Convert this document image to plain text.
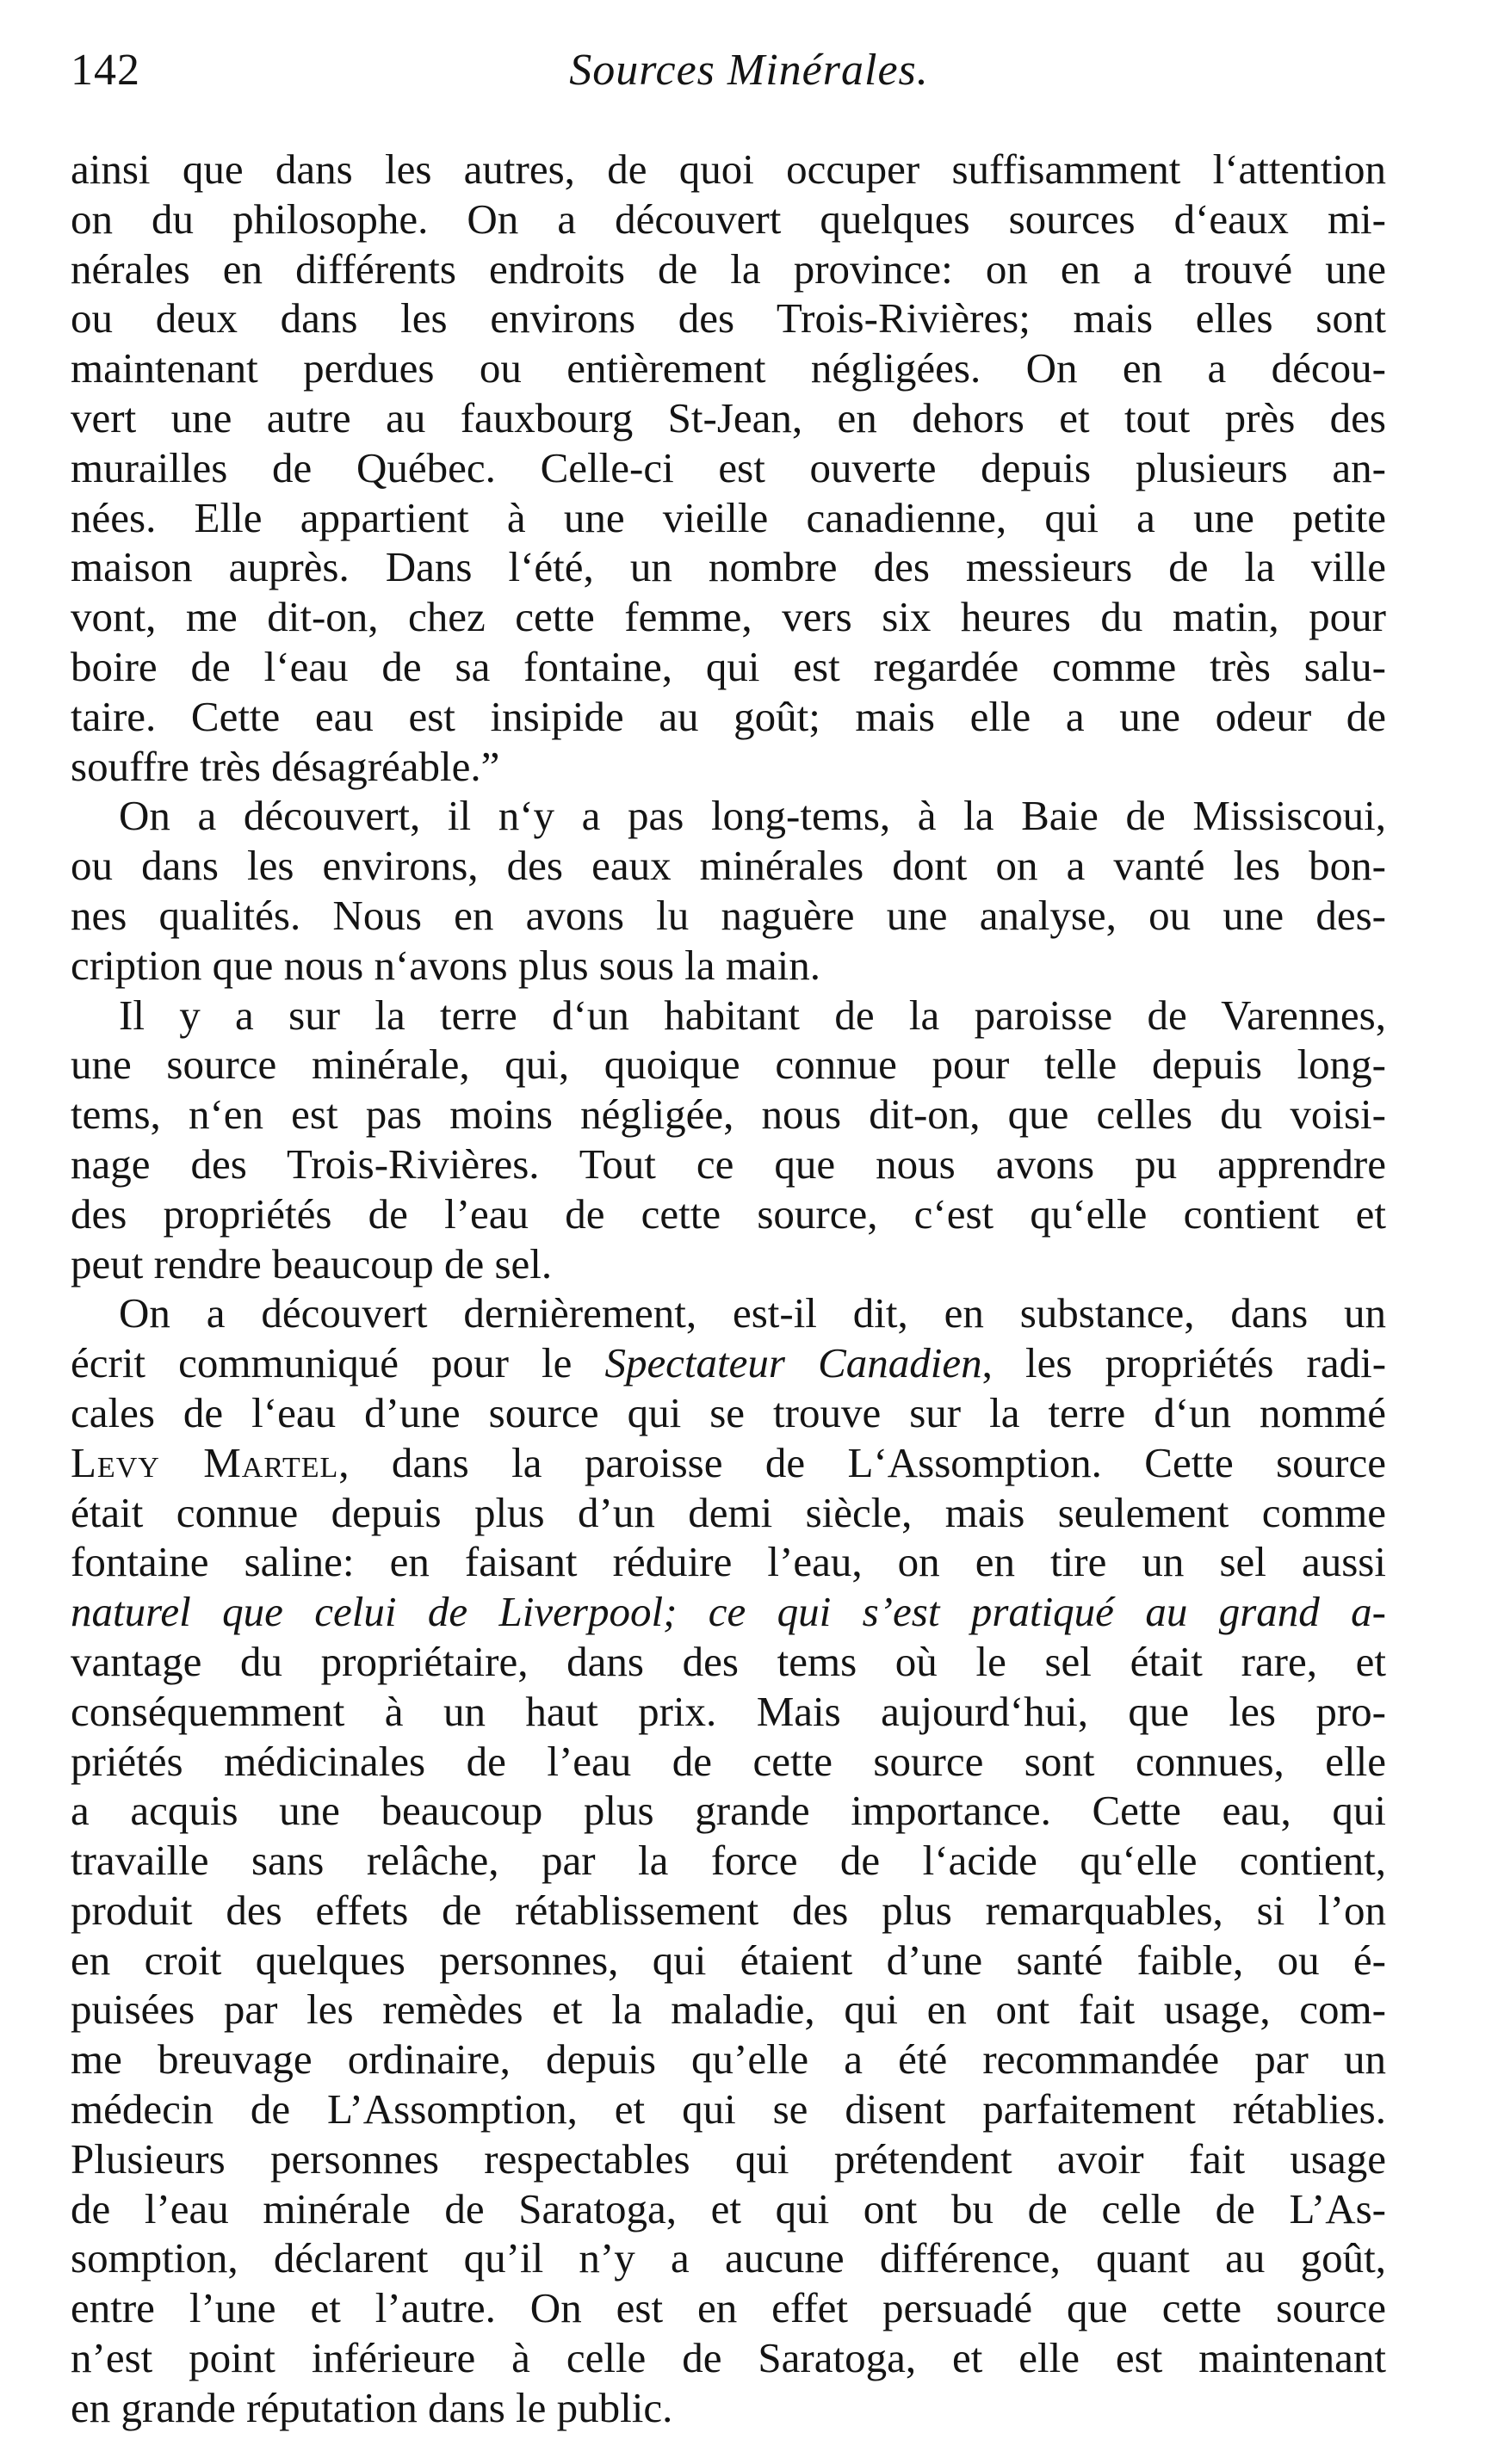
142	Sources Minérales.
ainsi que dans les autres, de quoi occuper suffisamment l‘attention
on du philosophe. On a découvert quelques sources d‘eaux mi-
nérales en différents endroits de la province: on en a trouvé une
ou deux dans les environs des Trois-Rivières; mais elles sont
maintenant perdues ou entièrement négligées. On en a décou-
vert une autre au fauxbourg St-Jean, en dehors et tout près des
murailles de Québec. Celle-ci est ouverte depuis plusieurs an-
nées. Elle appartient à une vieille canadienne, qui a une petite
maison auprès. Dans l‘été, un nombre des messieurs de la ville
vont, me dit-on, chez cette femme, vers six heures du matin, pour
boire de l‘eau de sa fontaine, qui est regardée comme très salu-
taire. Cette eau est insipide au goût; mais elle a une odeur de
souffre très désagréable.”
On a découvert, il n‘y a pas long-tems, à la Baie de Missiscoui,
ou dans les environs, des eaux minérales dont on a vanté les bon-
nes qualités. Nous en avons lu naguère une analyse, ou une des-
cription que nous n‘avons plus sous la main.
Il y a sur la terre d‘un habitant de la paroisse de Varennes,
une source minérale, qui, quoique connue pour telle depuis long-
tems, n‘en est pas moins négligée, nous dit-on, que celles du voisi-
nage des Trois-Rivières. Tout ce que nous avons pu apprendre
des propriétés de l’eau de cette source, c‘est qu‘elle contient et
peut rendre beaucoup de sel.
On a découvert dernièrement, est-il dit, en substance, dans un
écrit communiqué pour le Spectateur Canadien, les propriétés radi-
cales de l‘eau d’une source qui se trouve sur la terre d‘un nommé
Levy Martel, dans la paroisse de L‘Assomption. Cette source
était connue depuis plus d’un demi siècle, mais seulement comme
fontaine saline: en faisant réduire l’eau, on en tire un sel aussi
naturel que celui de Liverpool; ce qui s’est pratiqué au grand a-
vantage du propriétaire, dans des tems où le sel était rare, et
conséquemment à un haut prix. Mais aujourd‘hui, que les pro-
priétés médicinales de l’eau de cette source sont connues, elle
a acquis une beaucoup plus grande importance. Cette eau, qui
travaille sans relâche, par la force de l‘acide qu‘elle contient,
produit des effets de rétablissement des plus remarquables, si l’on
en croit quelques personnes, qui étaient d’une santé faible, ou é-
puisées par les remèdes et la maladie, qui en ont fait usage, com-
me breuvage ordinaire, depuis qu’elle a été recommandée par un
médecin de L’Assomption, et qui se disent parfaitement rétablies.
Plusieurs personnes respectables qui prétendent avoir fait usage
de l’eau minérale de Saratoga, et qui ont bu de celle de L’As-
somption, déclarent qu’il n’y a aucune différence, quant au goût,
entre l’une et l’autre. On est en effet persuadé que cette source
n’est point inférieure à celle de Saratoga, et elle est maintenant
en grande réputation dans le public.
